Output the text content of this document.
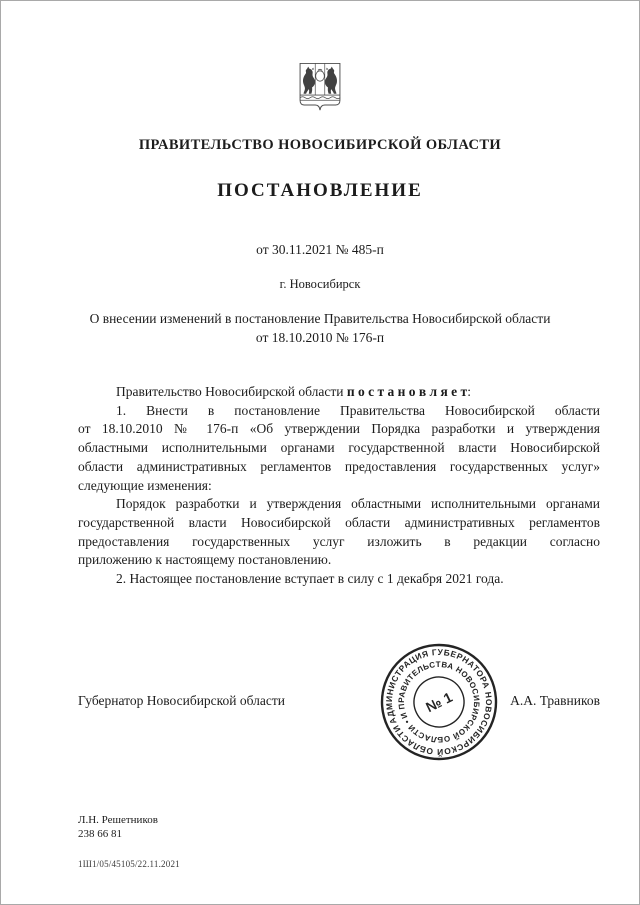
ПРАВИТЕЛЬСТВО НОВОСИБИРСКОЙ ОБЛАСТИ
ПОСТАНОВЛЕНИЕ
от 30.11.2021 № 485-п
г. Новосибирск
О внесении изменений в постановление Правительства Новосибирской области
от 18.10.2010 № 176-п
Правительство Новосибирской области п о с т а н о в л я е т:
1. Внести в постановление Правительства Новосибирской области
от 18.10.2010 № 176-п «Об утверждении Порядка разработки и утверждения
областными исполнительными органами государственной власти Новосибирской
области административных регламентов предоставления государственных услуг»
следующие изменения:
Порядок разработки и утверждения областными исполнительными органами
государственной власти Новосибирской области административных регламентов
предоставления государственных услуг изложить в редакции согласно
приложению к настоящему постановлению.
2. Настоящее постановление вступает в силу с 1 декабря 2021 года.
Губернатор Новосибирской области	А.А. Травников
АДМИНИСТРАЦИЯ ГУБЕРНАТОРА НОВОСИБИРСКОЙ ОБЛАСТИ
И ПРАВИТЕЛЬСТВА НОВОСИБИРСКОЙ ОБЛАСТИ •
№ 1
Л.Н. Решетников
238 66 81
1Ш1/05/45105/22.11.2021
